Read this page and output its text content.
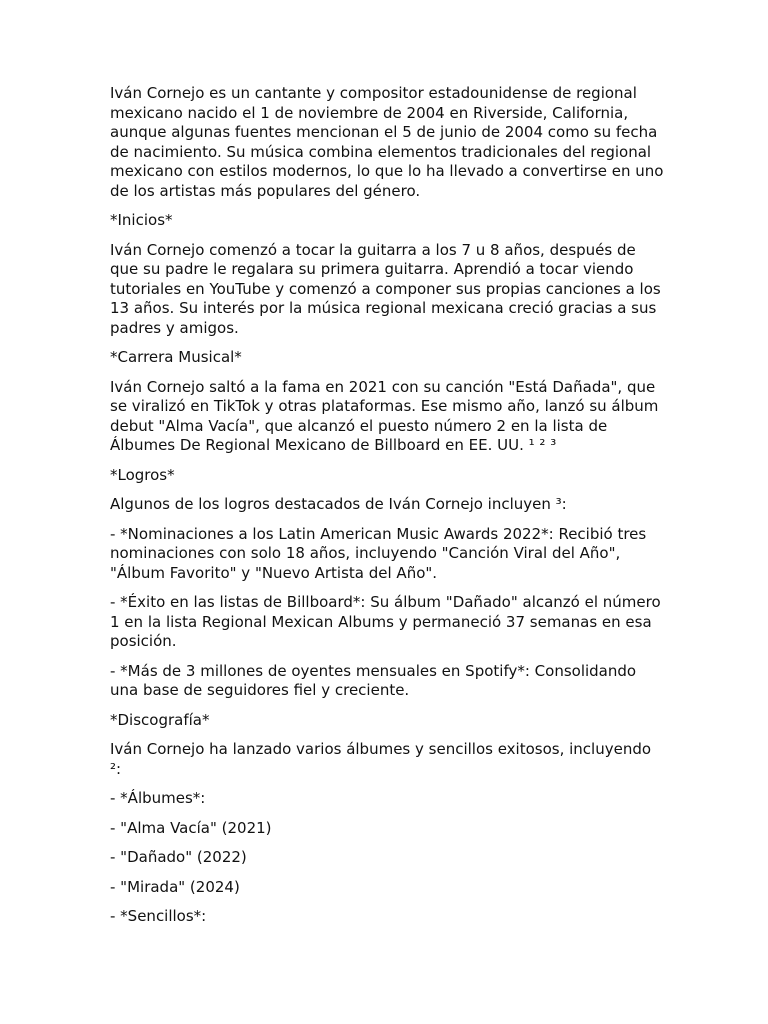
Iván Cornejo es un cantante y compositor estadounidense de regional mexicano nacido el 1 de noviembre de 2004 en Riverside, California, aunque algunas fuentes mencionan el 5 de junio de 2004 como su fecha de nacimiento. Su música combina elementos tradicionales del regional mexicano con estilos modernos, lo que lo ha llevado a convertirse en uno de los artistas más populares del género.

*Inicios*

Iván Cornejo comenzó a tocar la guitarra a los 7 u 8 años, después de que su padre le regalara su primera guitarra. Aprendió a tocar viendo tutoriales en YouTube y comenzó a componer sus propias canciones a los 13 años. Su interés por la música regional mexicana creció gracias a sus padres y amigos.

*Carrera Musical*

Iván Cornejo saltó a la fama en 2021 con su canción "Está Dañada", que se viralizó en TikTok y otras plataformas. Ese mismo año, lanzó su álbum debut "Alma Vacía", que alcanzó el puesto número 2 en la lista de Álbumes De Regional Mexicano de Billboard en EE. UU. ¹ ² ³

*Logros*

Algunos de los logros destacados de Iván Cornejo incluyen ³:

- *Nominaciones a los Latin American Music Awards 2022*: Recibió tres nominaciones con solo 18 años, incluyendo "Canción Viral del Año", "Álbum Favorito" y "Nuevo Artista del Año".

- *Éxito en las listas de Billboard*: Su álbum "Dañado" alcanzó el número 1 en la lista Regional Mexican Albums y permaneció 37 semanas en esa posición.

- *Más de 3 millones de oyentes mensuales en Spotify*: Consolidando una base de seguidores fiel y creciente.

*Discografía*

Iván Cornejo ha lanzado varios álbumes y sencillos exitosos, incluyendo ²:

- *Álbumes*:

- "Alma Vacía" (2021)

- "Dañado" (2022)

- "Mirada" (2024)

- *Sencillos*:
